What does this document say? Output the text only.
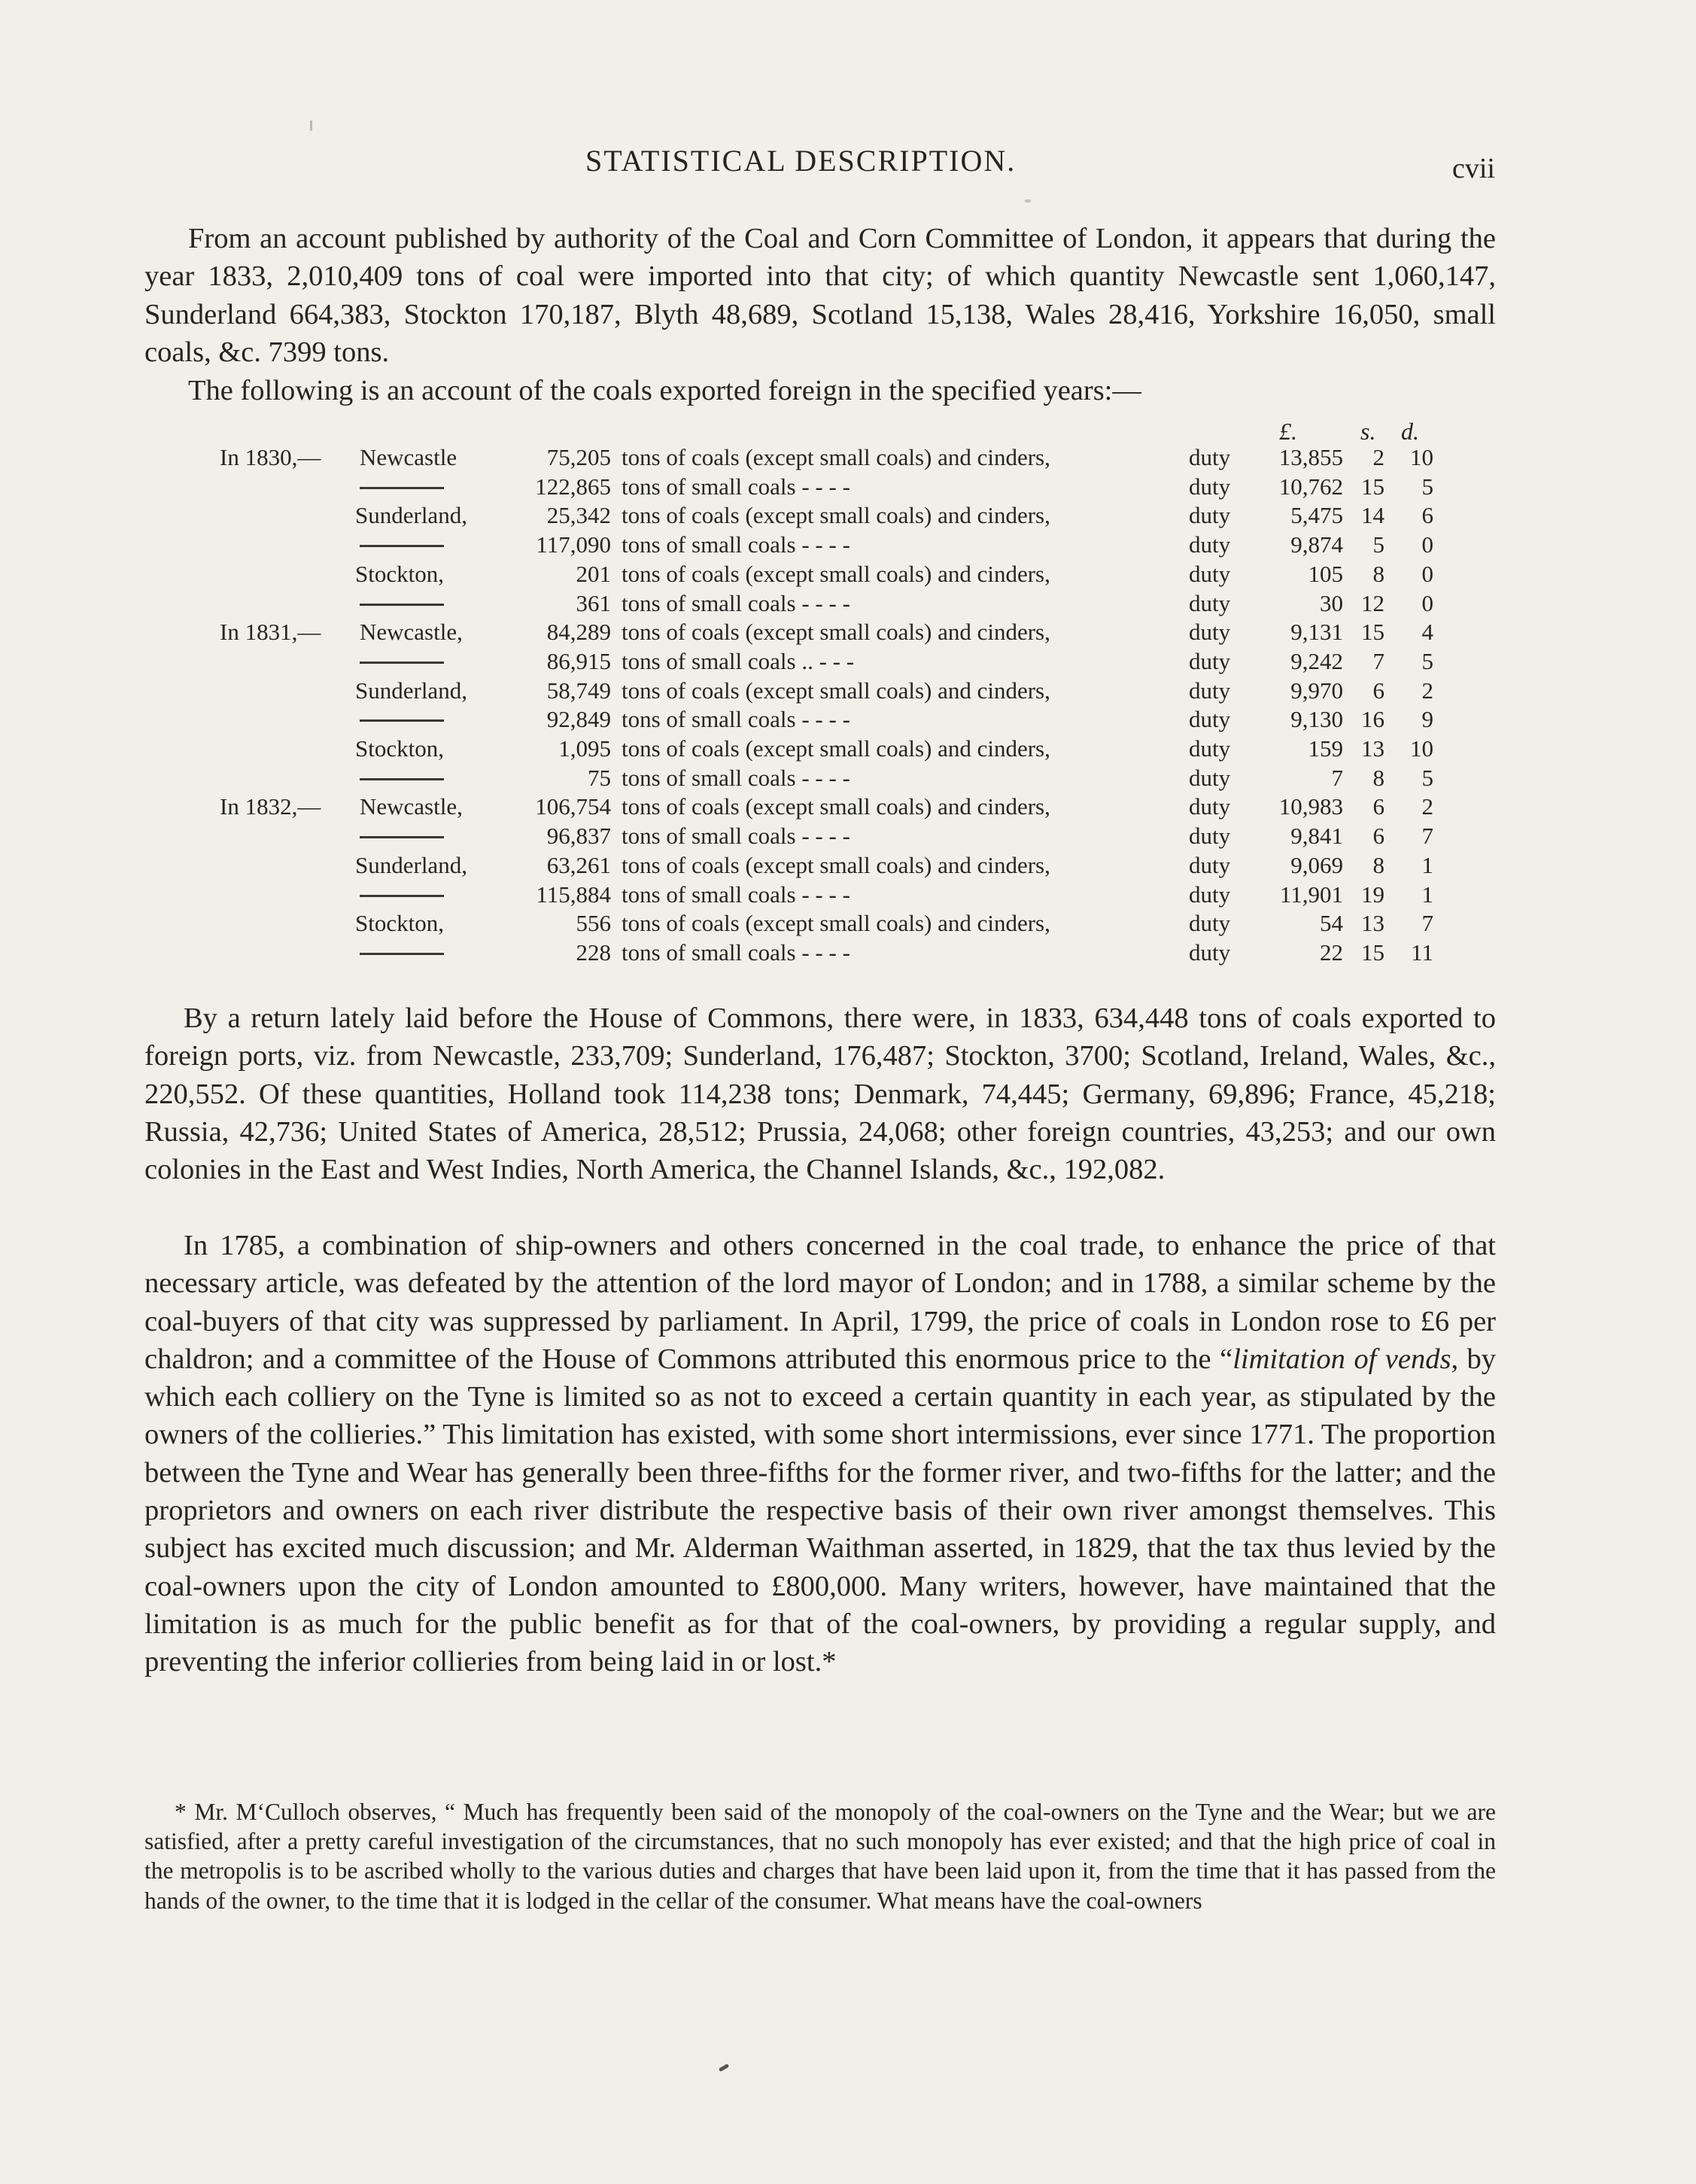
STATISTICAL DESCRIPTION.	cvii

From an account published by authority of the Coal and Corn Committee of London, it appears that during the year 1833, 2,010,409 tons of coal were imported into that city; of which quantity Newcastle sent 1,060,147, Sunderland 664,383, Stockton 170,187, Blyth 48,689, Scotland 15,138, Wales 28,416, Yorkshire 16,050, small coals, &c. 7399 tons.

The following is an account of the coals exported foreign in the specified years:—

£.	s. d.
In 1830,— Newcastle	75,205 tons of coals (except small coals) and cinders,	duty 13,855 2	10
122,865 tons of small coals - - - -	duty 10,762 15	5
Sunderland,	25,342 tons of coals (except small coals) and cinders,	duty	5,475 14	6
117,090 tons of small coals - - - -	duty	9,874 5	0
Stockton,	201 tons of coals (except small coals) and cinders,	duty	105 8	0
361 tons of small coals - - - -	duty	30 12	0
In 1831,— Newcastle,	84,289 tons of coals (except small coals) and cinders,	duty	9,131 15	4
86,915 tons of small coals .. - - -	duty	9,242 7	5
Sunderland,	58,749 tons of coals (except small coals) and cinders,	duty	9,970 6	2
92,849 tons of small coals - - - -	duty	9,130 16	9
Stockton,	1,095 tons of coals (except small coals) and cinders,	duty	159 13	10
75 tons of small coals - - - -	duty	7 8	5
In 1832,— Newcastle,	106,754 tons of coals (except small coals) and cinders,	duty 10,983 6	2
96,837 tons of small coals - - - -	duty	9,841 6	7
Sunderland,	63,261 tons of coals (except small coals) and cinders,	duty	9,069 8	1
115,884 tons of small coals - - - -	duty 11,901 19	1
Stockton,	556 tons of coals (except small coals) and cinders,	duty	54 13	7
228 tons of small coals - - - -	duty	22 15	11

By a return lately laid before the House of Commons, there were, in 1833, 634,448 tons of coals exported to foreign ports, viz. from Newcastle, 233,709; Sunderland, 176,487; Stockton, 3700; Scotland, Ireland, Wales, &c., 220,552. Of these quantities, Holland took 114,238 tons; Denmark, 74,445; Germany, 69,896; France, 45,218; Russia, 42,736; United States of America, 28,512; Prussia, 24,068; other foreign countries, 43,253; and our own colonies in the East and West Indies, North America, the Channel Islands, &c., 192,082.

In 1785, a combination of ship-owners and others concerned in the coal trade, to enhance the price of that necessary article, was defeated by the attention of the lord mayor of London; and in 1788, a similar scheme by the coal-buyers of that city was suppressed by parliament. In April, 1799, the price of coals in London rose to £6 per chaldron; and a committee of the House of Commons attributed this enormous price to the “limitation of vends, by which each colliery on the Tyne is limited so as not to exceed a certain quantity in each year, as stipulated by the owners of the collieries.” This limitation has existed, with some short intermissions, ever since 1771. The proportion between the Tyne and Wear has generally been three-fifths for the former river, and two-fifths for the latter; and the proprietors and owners on each river distribute the respective basis of their own river amongst themselves. This subject has excited much discussion; and Mr. Alderman Waithman asserted, in 1829, that the tax thus levied by the coal-owners upon the city of London amounted to £800,000. Many writers, however, have maintained that the limitation is as much for the public benefit as for that of the coal-owners, by providing a regular supply, and preventing the inferior collieries from being laid in or lost.*

* Mr. M‘Culloch observes, “ Much has frequently been said of the monopoly of the coal-owners on the Tyne and the Wear; but we are satisfied, after a pretty careful investigation of the circumstances, that no such monopoly has ever existed; and that the high price of coal in the metropolis is to be ascribed wholly to the various duties and charges that have been laid upon it, from the time that it has passed from the hands of the owner, to the time that it is lodged in the cellar of the consumer. What means have the coal-owners
